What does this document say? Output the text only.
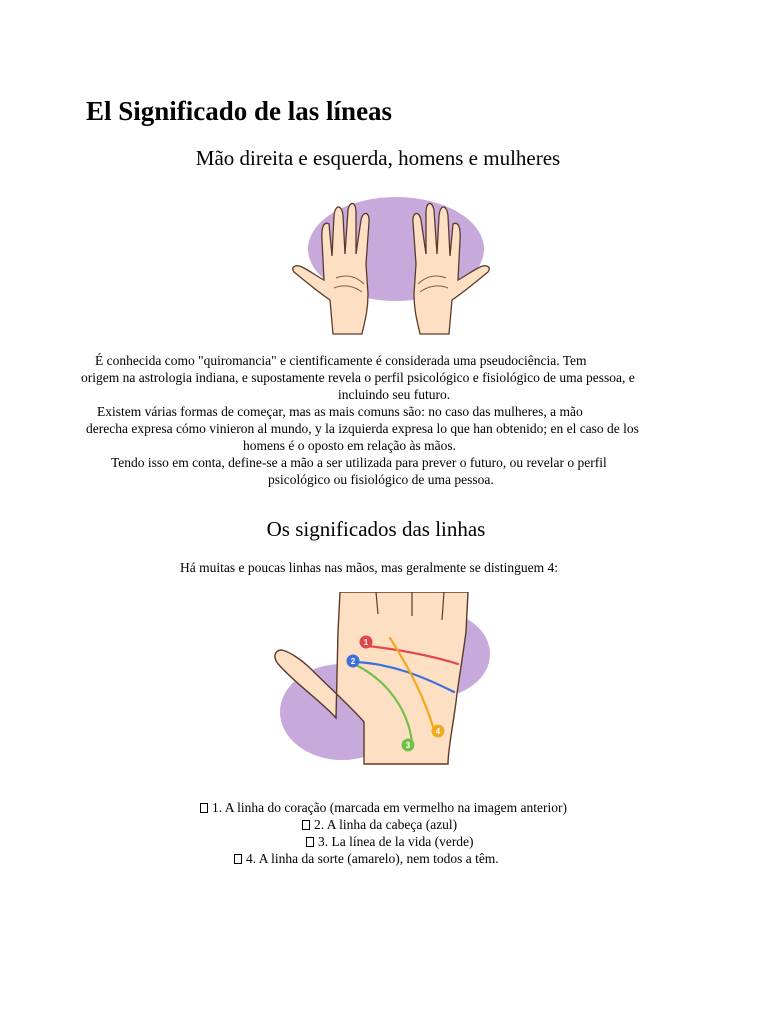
El Significado de las líneas
Mão direita e esquerda, homens e mulheres
É conhecida como "quiromancia" e cientificamente é considerada uma pseudociência. Tem
origem na astrologia indiana, e supostamente revela o perfil psicológico e fisiológico de uma pessoa, e
incluindo seu futuro.
Existem várias formas de começar, mas as mais comuns são: no caso das mulheres, a mão
derecha expresa cómo vinieron al mundo, y la izquierda expresa lo que han obtenido; en el caso de los
homens é o oposto em relação às mãos.
Tendo isso em conta, define-se a mão a ser utilizada para prever o futuro, ou revelar o perfil
psicológico ou fisiológico de uma pessoa.
Os significados das linhas
Há muitas e poucas linhas nas mãos, mas geralmente se distinguem 4:
1
2
3
4
1. A linha do coração (marcada em vermelho na imagem anterior)
2. A linha da cabeça (azul)
3. La línea de la vida (verde)
4. A linha da sorte (amarelo), nem todos a têm.
